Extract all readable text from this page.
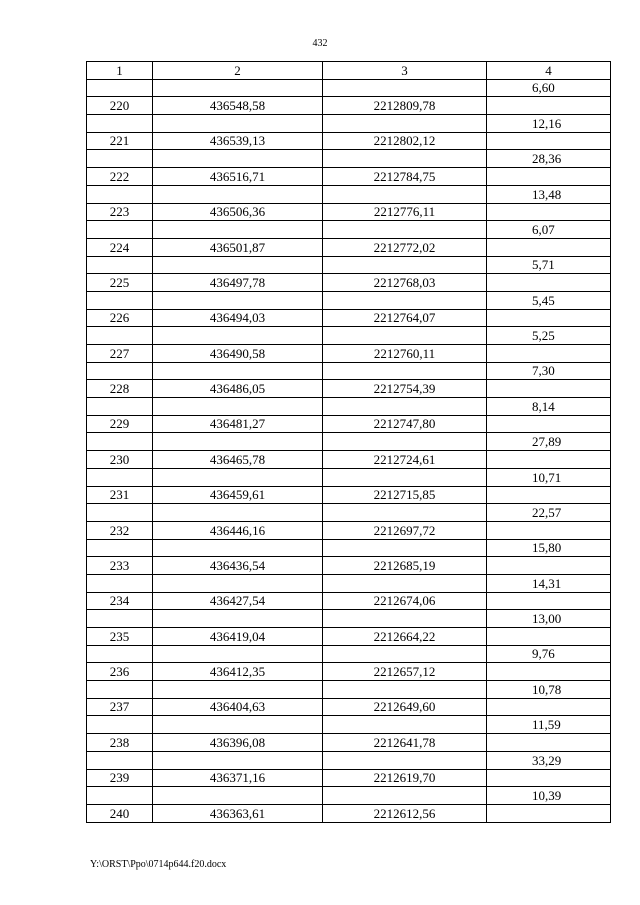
432
1	2	3	4
			6,60
220	436548,58	2212809,78	
			12,16
221	436539,13	2212802,12	
			28,36
222	436516,71	2212784,75	
			13,48
223	436506,36	2212776,11	
			6,07
224	436501,87	2212772,02	
			5,71
225	436497,78	2212768,03	
			5,45
226	436494,03	2212764,07	
			5,25
227	436490,58	2212760,11	
			7,30
228	436486,05	2212754,39	
			8,14
229	436481,27	2212747,80	
			27,89
230	436465,78	2212724,61	
			10,71
231	436459,61	2212715,85	
			22,57
232	436446,16	2212697,72	
			15,80
233	436436,54	2212685,19	
			14,31
234	436427,54	2212674,06	
			13,00
235	436419,04	2212664,22	
			9,76
236	436412,35	2212657,12	
			10,78
237	436404,63	2212649,60	
			11,59
238	436396,08	2212641,78	
			33,29
239	436371,16	2212619,70	
			10,39
240	436363,61	2212612,56	
Y:\ORST\Ppo\0714p644.f20.docx
